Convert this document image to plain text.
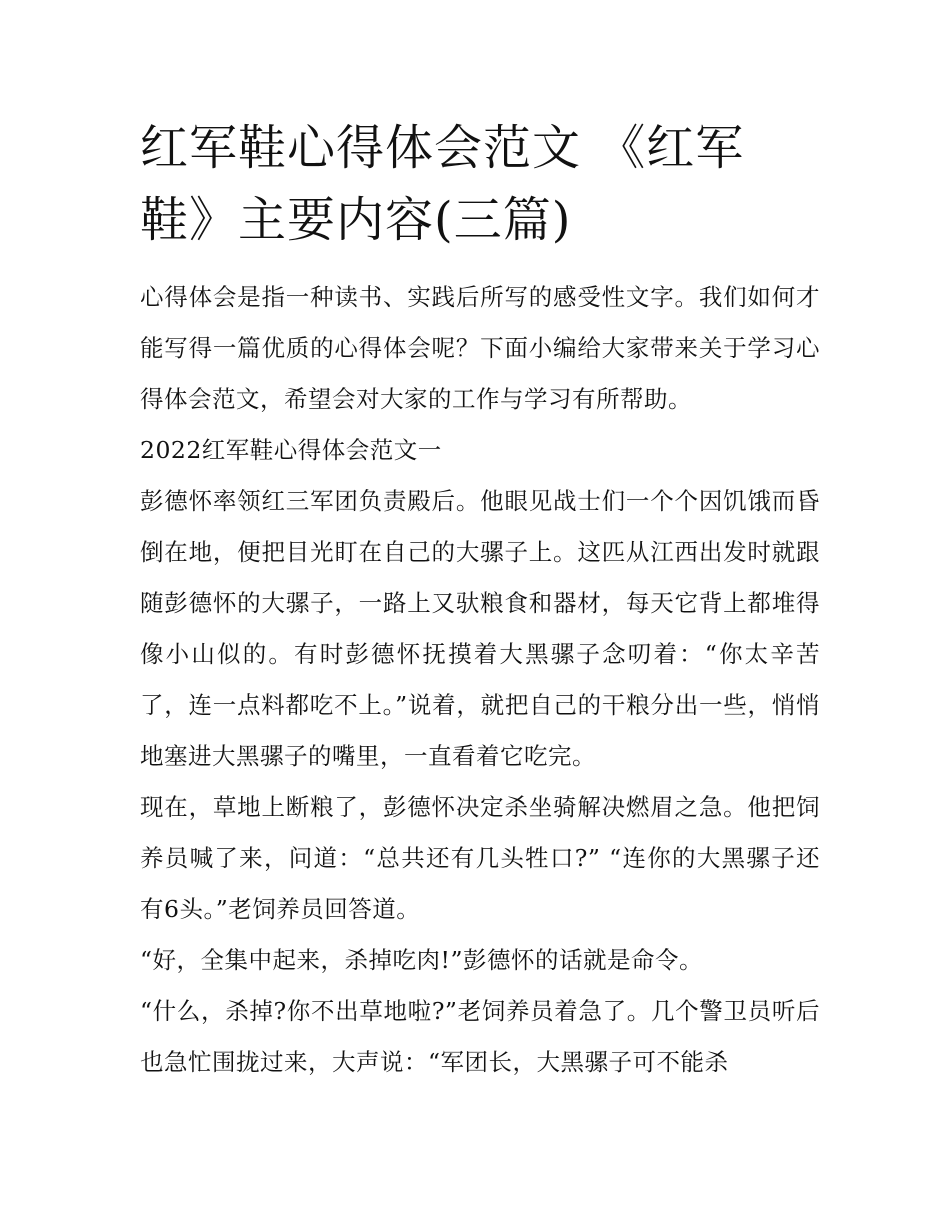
红军鞋心得体会范文 《红军鞋》主要内容(三篇)

心得体会是指一种读书、实践后所写的感受性文字。我们如何才能写得一篇优质的心得体会呢？下面小编给大家带来关于学习心得体会范文，希望会对大家的工作与学习有所帮助。

2022红军鞋心得体会范文一

彭德怀率领红三军团负责殿后。他眼见战士们一个个因饥饿而昏倒在地，便把目光盯在自己的大骡子上。这匹从江西出发时就跟随彭德怀的大骡子，一路上又驮粮食和器材，每天它背上都堆得像小山似的。有时彭德怀抚摸着大黑骡子念叨着：“你太辛苦了，连一点料都吃不上。”说着，就把自己的干粮分出一些，悄悄地塞进大黑骡子的嘴里，一直看着它吃完。

现在，草地上断粮了，彭德怀决定杀坐骑解决燃眉之急。他把饲养员喊了来，问道：“总共还有几头牲口?” “连你的大黑骡子还有6头。”老饲养员回答道。

“好，全集中起来，杀掉吃肉!”彭德怀的话就是命令。

“什么，杀掉?你不出草地啦?”老饲养员着急了。几个警卫员听后也急忙围拢过来，大声说：“军团长，大黑骡子可不能杀
